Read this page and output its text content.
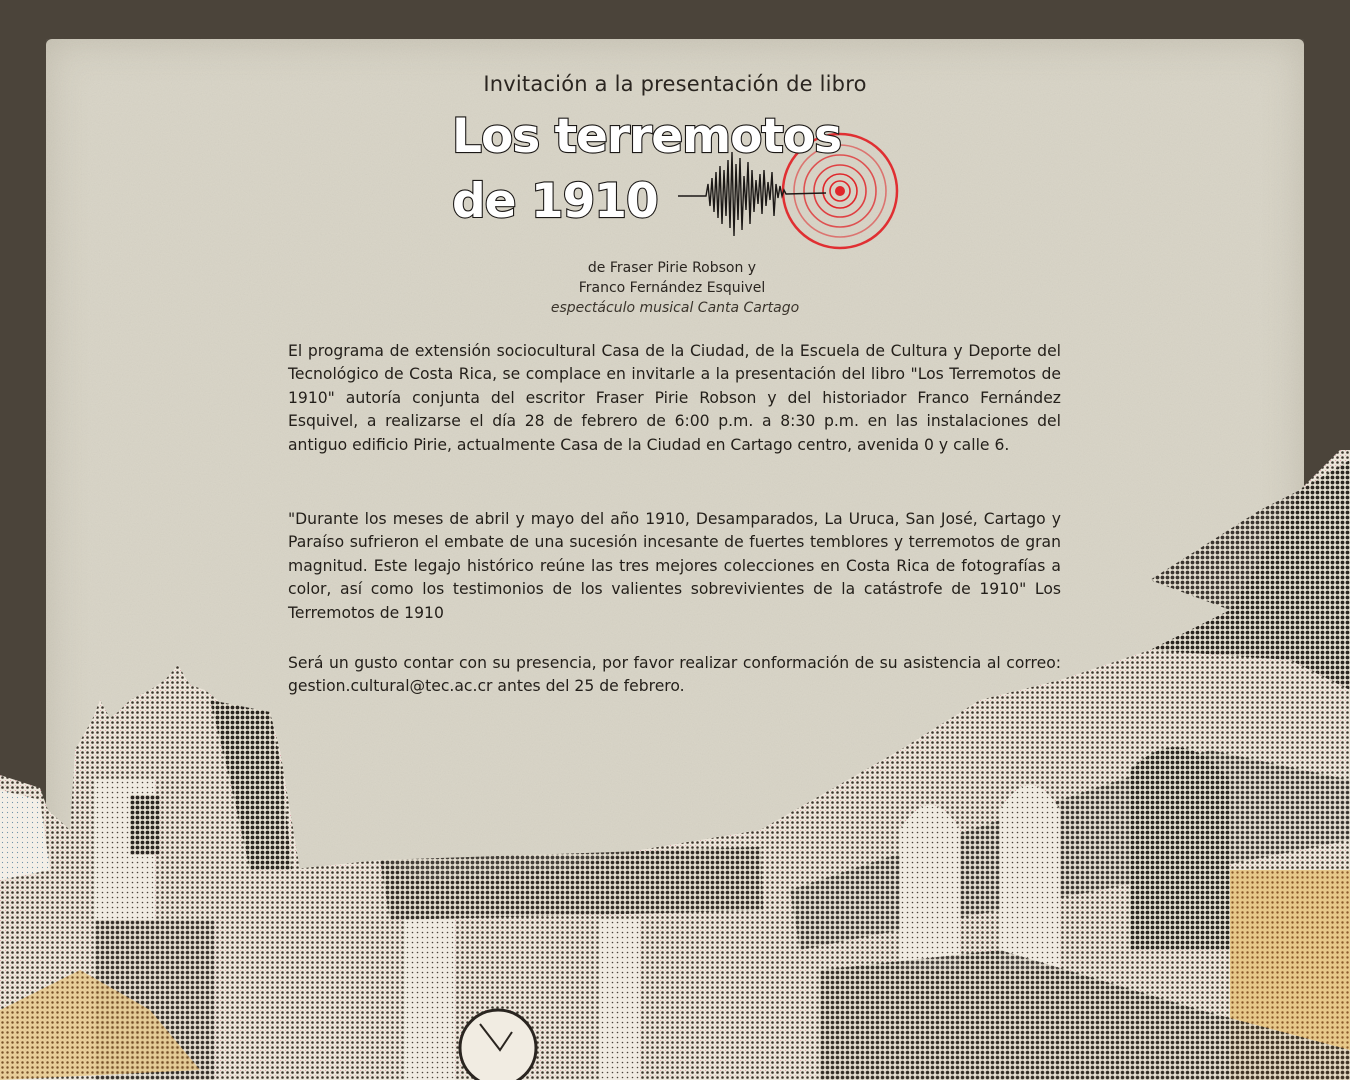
Invitación a la presentación de libro
Los terremotos
de 1910
de Fraser Pirie Robson y
Franco Fernández Esquivel
espectáculo musical Canta Cartago

El programa de extensión sociocultural Casa de la Ciudad, de la Escuela de Cultura y Deporte del Tecnológico de Costa Rica, se complace en invitarle a la presentación del libro "Los Terremotos de 1910" autoría conjunta del escritor Fraser Pirie Robson y del historiador Franco Fernández Esquivel, a realizarse el día 28 de febrero de 6:00 p.m. a 8:30 p.m. en las instalaciones del antiguo edificio Pirie, actualmente Casa de la Ciudad en Cartago centro, avenida 0 y calle 6.

"Durante los meses de abril y mayo del año 1910, Desamparados, La Uruca, San José, Cartago y Paraíso sufrieron el embate de una sucesión incesante de fuertes temblores y terremotos de gran magnitud. Este legajo histórico reúne las tres mejores colecciones en Costa Rica de fotografías a color, así como los testimonios de los valientes sobrevivientes de la catástrofe de 1910" Los Terremotos de 1910

Será un gusto contar con su presencia, por favor realizar conformación de su asistencia al correo: gestion.cultural@tec.ac.cr antes del 25 de febrero.
